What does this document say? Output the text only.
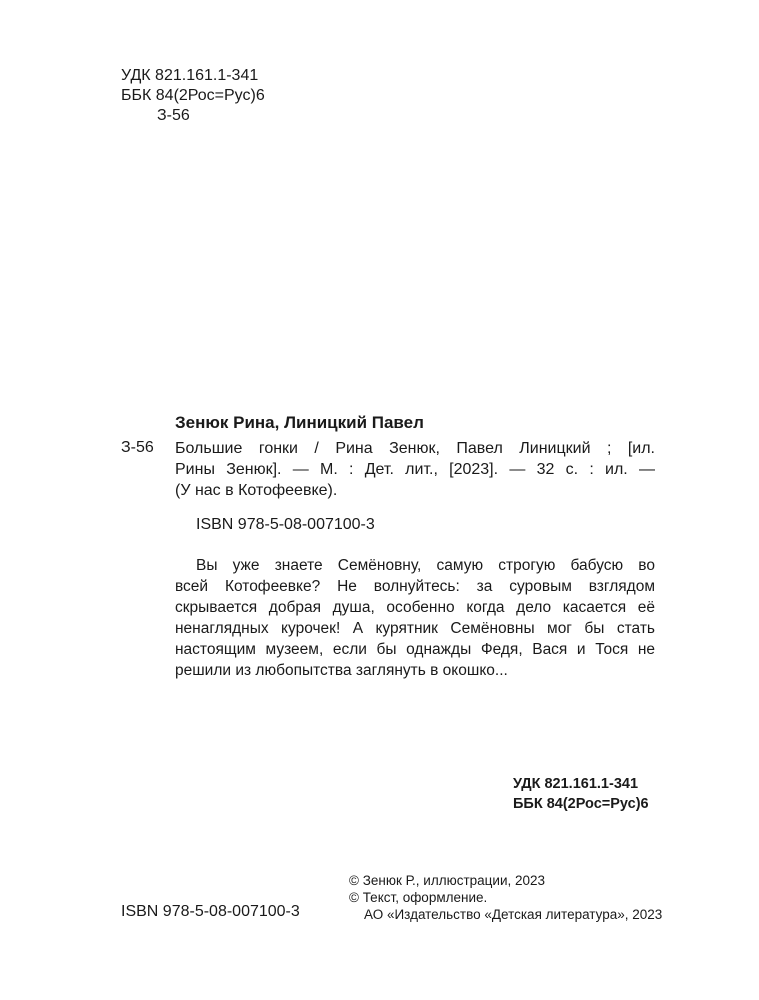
УДК 821.161.1-341
ББК 84(2Рос=Рус)6
З-56
Зенюк Рина, Линицкий Павел
З-56 Большие гонки / Рина Зенюк, Павел Линицкий ; [ил.
Рины Зенюк]. — М. : Дет. лит., [2023]. — 32 с. : ил. —
(У нас в Котофеевке).
ISBN 978-5-08-007100-3
Вы уже знаете Семёновну, самую строгую бабусю во
всей Котофеевке? Не волнуйтесь: за суровым взглядом
скрывается добрая душа, особенно когда дело касается её
ненаглядных курочек! А курятник Семёновны мог бы стать
настоящим музеем, если бы однажды Федя, Вася и Тося не
решили из любопытства заглянуть в окошко...
УДК 821.161.1-341
ББК 84(2Рос=Рус)6
ISBN 978-5-08-007100-3
© Зенюк Р., иллюстрации, 2023
© Текст, оформление.
АО «Издательство «Детская литература», 2023
